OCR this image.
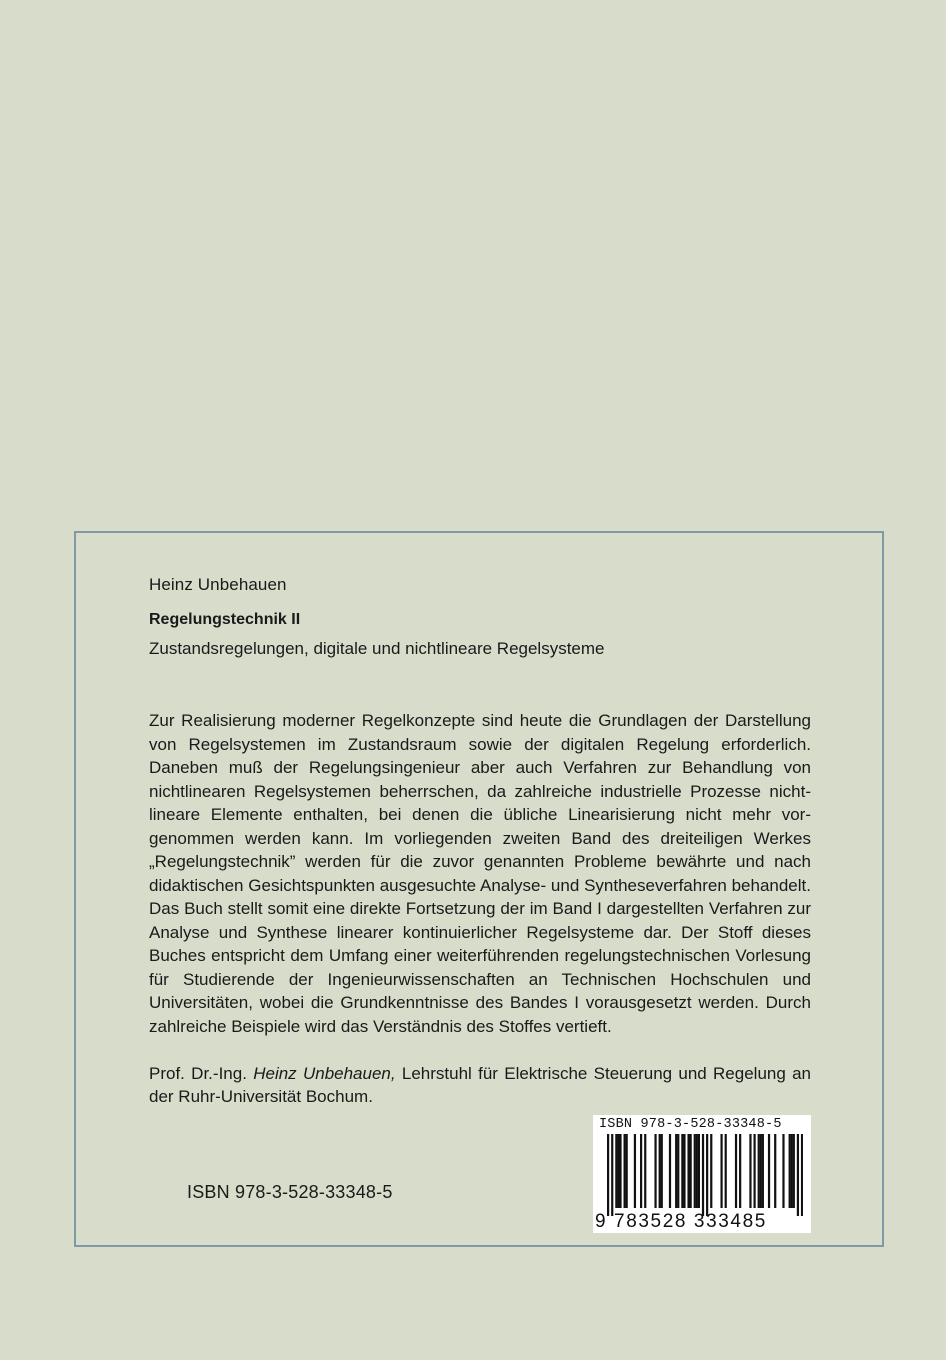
Heinz Unbehauen
Regelungstechnik II
Zustandsregelungen, digitale und nichtlineare Regelsysteme

Zur Realisierung moderner Regelkonzepte sind heute die Grundlagen der Darstellung von Regelsystemen im Zustandsraum sowie der digitalen Regelung erforderlich. Daneben muß der Regelungsingenieur aber auch Verfahren zur Behandlung von nichtlinearen Regelsystemen beherrschen, da zahlreiche industrielle Prozesse nichtlineare Elemente enthalten, bei denen die übliche Linearisierung nicht mehr vorgenommen werden kann. Im vorliegenden zweiten Band des dreiteiligen Werkes „Regelungstechnik” werden für die zuvor genannten Probleme bewährte und nach didaktischen Gesichtspunkten ausgesuchte Analyse- und Syntheseverfahren behandelt. Das Buch stellt somit eine direkte Fortsetzung der im Band I dargestellten Verfahren zur Analyse und Synthese linearer kontinuierlicher Regelsysteme dar. Der Stoff dieses Buches entspricht dem Umfang einer weiterführenden regelungstechnischen Vorlesung für Studierende der Ingenieurwissenschaften an Technischen Hochschulen und Universitäten, wobei die Grundkenntnisse des Bandes I vorausgesetzt werden. Durch zahlreiche Beispiele wird das Verständnis des Stoffes vertieft.

Prof. Dr.-Ing. Heinz Unbehauen, Lehrstuhl für Elektrische Steuerung und Regelung an der Ruhr-Universität Bochum.

ISBN 978-3-528-33348-5
ISBN 978-3-528-33348-5
9 783528 333485
